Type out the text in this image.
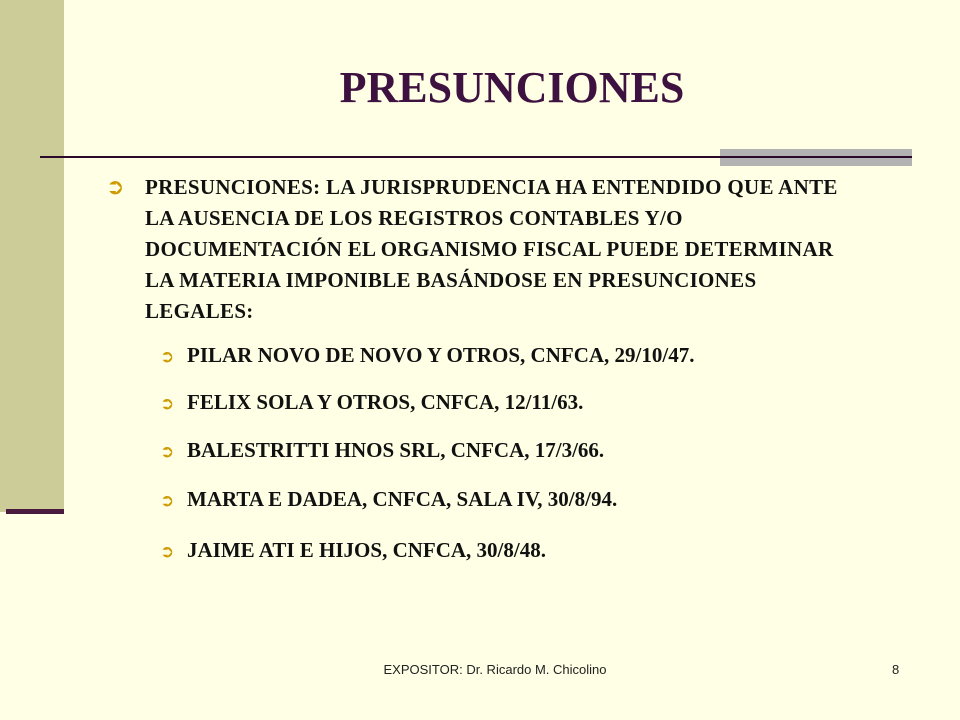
PRESUNCIONES
➲ PRESUNCIONES: LA JURISPRUDENCIA HA ENTENDIDO QUE ANTE LA AUSENCIA DE LOS REGISTROS CONTABLES Y/O DOCUMENTACIÓN EL ORGANISMO FISCAL PUEDE DETERMINAR LA MATERIA IMPONIBLE BASÁNDOSE EN PRESUNCIONES LEGALES:
➲ PILAR NOVO DE NOVO Y OTROS, CNFCA, 29/10/47.
➲ FELIX SOLA Y OTROS, CNFCA, 12/11/63.
➲ BALESTRITTI HNOS SRL, CNFCA, 17/3/66.
➲ MARTA E DADEA, CNFCA, SALA IV, 30/8/94.
➲ JAIME ATI E HIJOS, CNFCA, 30/8/48.
EXPOSITOR: Dr. Ricardo M. Chicolino	8
